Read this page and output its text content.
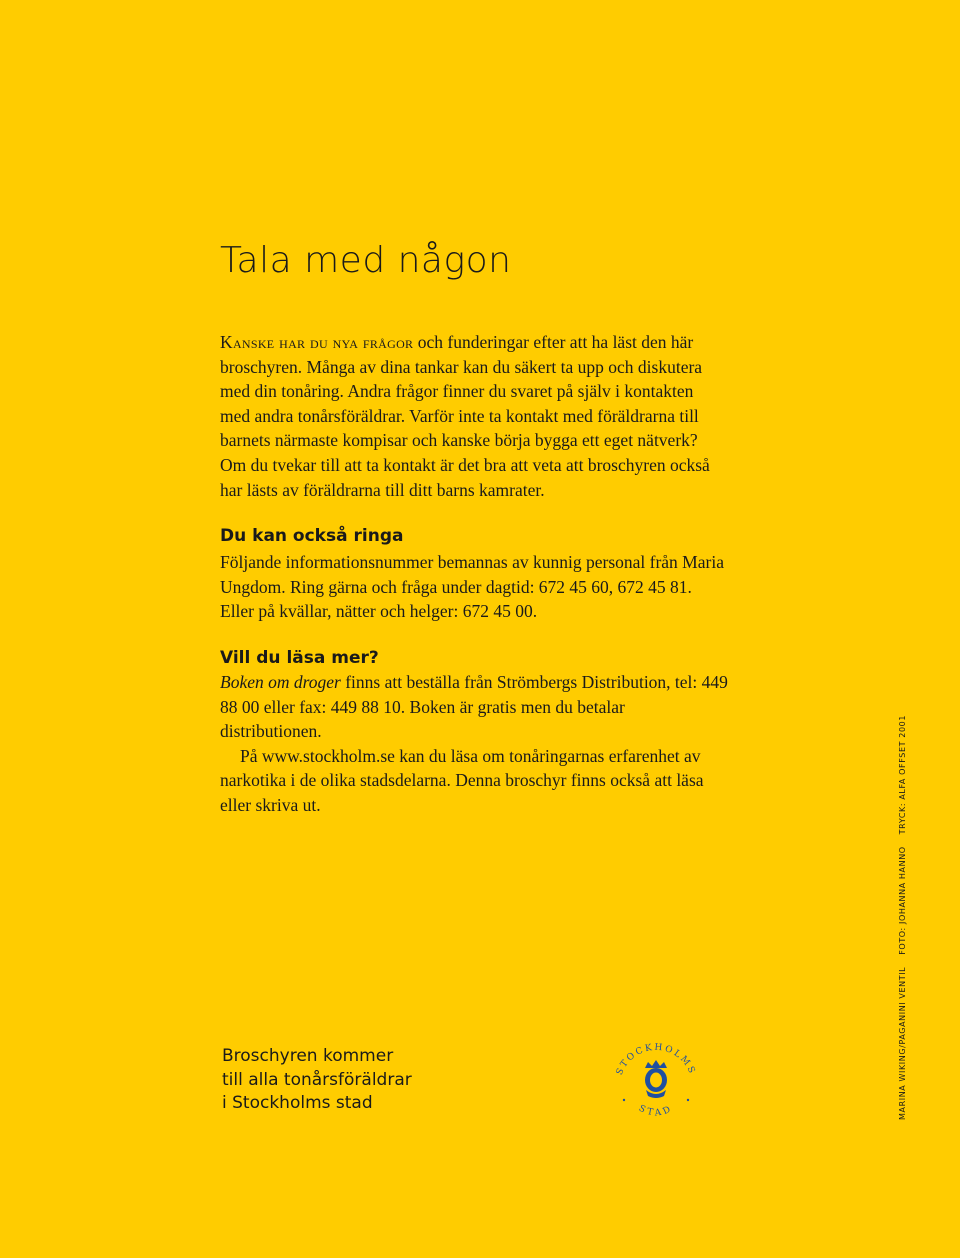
Tala med någon

Kanske har du nya frågor och funderingar efter att ha läst den här broschyren. Många av dina tankar kan du säkert ta upp och diskutera med din tonåring. Andra frågor finner du svaret på själv i kontakten med andra tonårsföräldrar. Varför inte ta kontakt med föräldrarna till barnets närmaste kompisar och kanske börja bygga ett eget nätverk? Om du tvekar till att ta kontakt är det bra att veta att broschyren också har lästs av föräldrarna till ditt barns kamrater.

Du kan också ringa

Följande informationsnummer bemannas av kunnig personal från Maria Ungdom. Ring gärna och fråga under dagtid: 672 45 60, 672 45 81. Eller på kvällar, nätter och helger: 672 45 00.

Vill du läsa mer?

Boken om droger finns att beställa från Strömbergs Distribution, tel: 449 88 00 eller fax: 449 88 10. Boken är gratis men du betalar distributionen.

På www.stockholm.se kan du läsa om tonåringarnas erfarenhet av narkotika i de olika stadsdelarna. Denna broschyr finns också att läsa eller skriva ut.

Broschyren kommer
till alla tonårsföräldrar
i Stockholms stad
STOCKHOLMS
STAD	MARINA WIKING/PAGANINI VENTILFOTO: JOHANNA HANNOTRYCK: ALFA OFFSET 2001
